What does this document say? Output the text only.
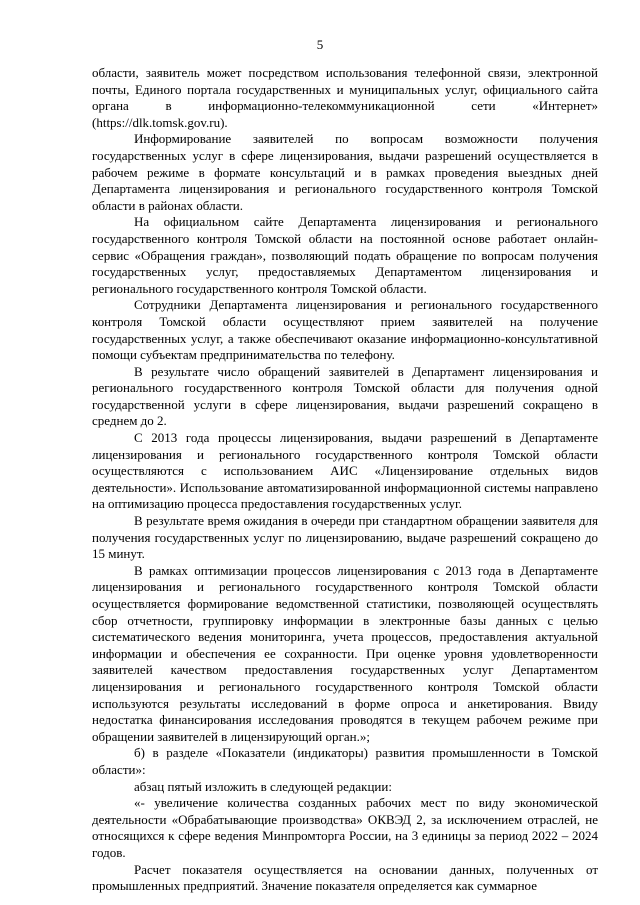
5

области, заявитель может посредством использования телефонной связи, электронной почты, Единого портала государственных и муниципальных услуг, официального сайта органа в информационно-телекоммуникационной сети «Интернет» (https://dlk.tomsk.gov.ru).

Информирование заявителей по вопросам возможности получения государственных услуг в сфере лицензирования, выдачи разрешений осуществляется в рабочем режиме в формате консультаций и в рамках проведения выездных дней Департамента лицензирования и регионального государственного контроля Томской области в районах области.

На официальном сайте Департамента лицензирования и регионального государственного контроля Томской области на постоянной основе работает онлайн-сервис «Обращения граждан», позволяющий подать обращение по вопросам получения государственных услуг, предоставляемых Департаментом лицензирования и регионального государственного контроля Томской области.

Сотрудники Департамента лицензирования и регионального государственного контроля Томской области осуществляют прием заявителей на получение государственных услуг, а также обеспечивают оказание информационно-консультативной помощи субъектам предпринимательства по телефону.

В результате число обращений заявителей в Департамент лицензирования и регионального государственного контроля Томской области для получения одной государственной услуги в сфере лицензирования, выдачи разрешений сокращено в среднем до 2.

С 2013 года процессы лицензирования, выдачи разрешений в Департаменте лицензирования и регионального государственного контроля Томской области осуществляются с использованием АИС «Лицензирование отдельных видов деятельности». Использование автоматизированной информационной системы направлено на оптимизацию процесса предоставления государственных услуг.

В результате время ожидания в очереди при стандартном обращении заявителя для получения государственных услуг по лицензированию, выдаче разрешений сокращено до 15 минут.

В рамках оптимизации процессов лицензирования с 2013 года в Департаменте лицензирования и регионального государственного контроля Томской области осуществляется формирование ведомственной статистики, позволяющей осуществлять сбор отчетности, группировку информации в электронные базы данных с целью систематического ведения мониторинга, учета процессов, предоставления актуальной информации и обеспечения ее сохранности. При оценке уровня удовлетворенности заявителей качеством предоставления государственных услуг Департаментом лицензирования и регионального государственного контроля Томской области используются результаты исследований в форме опроса и анкетирования. Ввиду недостатка финансирования исследования проводятся в текущем рабочем режиме при обращении заявителей в лицензирующий орган.»;

б) в разделе «Показатели (индикаторы) развития промышленности в Томской области»:

абзац пятый изложить в следующей редакции:

«- увеличение количества созданных рабочих мест по виду экономической деятельности «Обрабатывающие производства» ОКВЭД 2, за исключением отраслей, не относящихся к сфере ведения Минпромторга России, на 3 единицы за период 2022 – 2024 годов.

Расчет показателя осуществляется на основании данных, полученных от промышленных предприятий. Значение показателя определяется как суммарное
